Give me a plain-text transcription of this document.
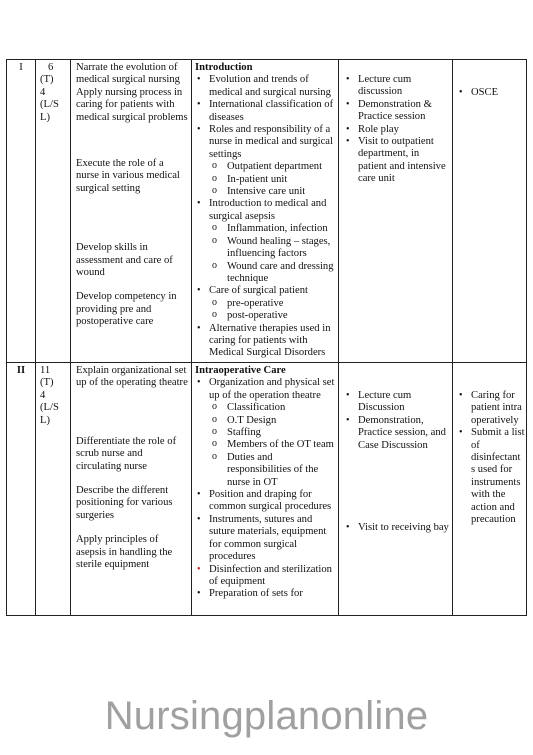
I	6

(T)

4

(L/S

L)

Narrate the evolution of medical surgical nursing

Apply nursing process in caring for patients with medical surgical problems

Execute the role of a nurse in various medical surgical setting

Develop skills in assessment and care of wound

Develop competency in providing pre and postoperative care

Introduction

• Evolution and trends of medical and surgical nursing
• International classification of diseases
• Roles and responsibility of a nurse in medical and surgical settings
o Outpatient department
o In-patient unit
o Intensive care unit
• Introduction to medical and surgical asepsis
o Inflammation, infection
o Wound healing – stages, influencing factors
o Wound care and dressing technique
• Care of surgical patient
o pre-operative
o post-operative
• Alternative therapies used in caring for patients with Medical Surgical Disorders
• Lecture cum discussion
• Demonstration & Practice session
• Role play
• Visit to outpatient department, in patient and intensive care unit
• OSCE
II	11

(T)

4

(L/S

L)

Explain organizational set up of the operating theatre

Differentiate the role of scrub nurse and circulating nurse

Describe the different positioning for various surgeries

Apply principles of asepsis in handling the sterile equipment

Intraoperative Care

• Organization and physical set up of the operation theatre
o Classification
o O.T Design
o Staffing
o Members of the OT team
o Duties and responsibilities of the nurse in OT
• Position and draping for common surgical procedures
• Instruments, sutures and suture materials, equipment for common surgical procedures
• Disinfection and sterilization of equipment
• Preparation of sets for
• Lecture cum Discussion
• Demonstration, Practice session, and Case Discussion
• Visit to receiving bay
• Caring for patient intra operatively
• Submit a list of disinfectant s used for instruments with the action and precaution
Nursingplanonline
